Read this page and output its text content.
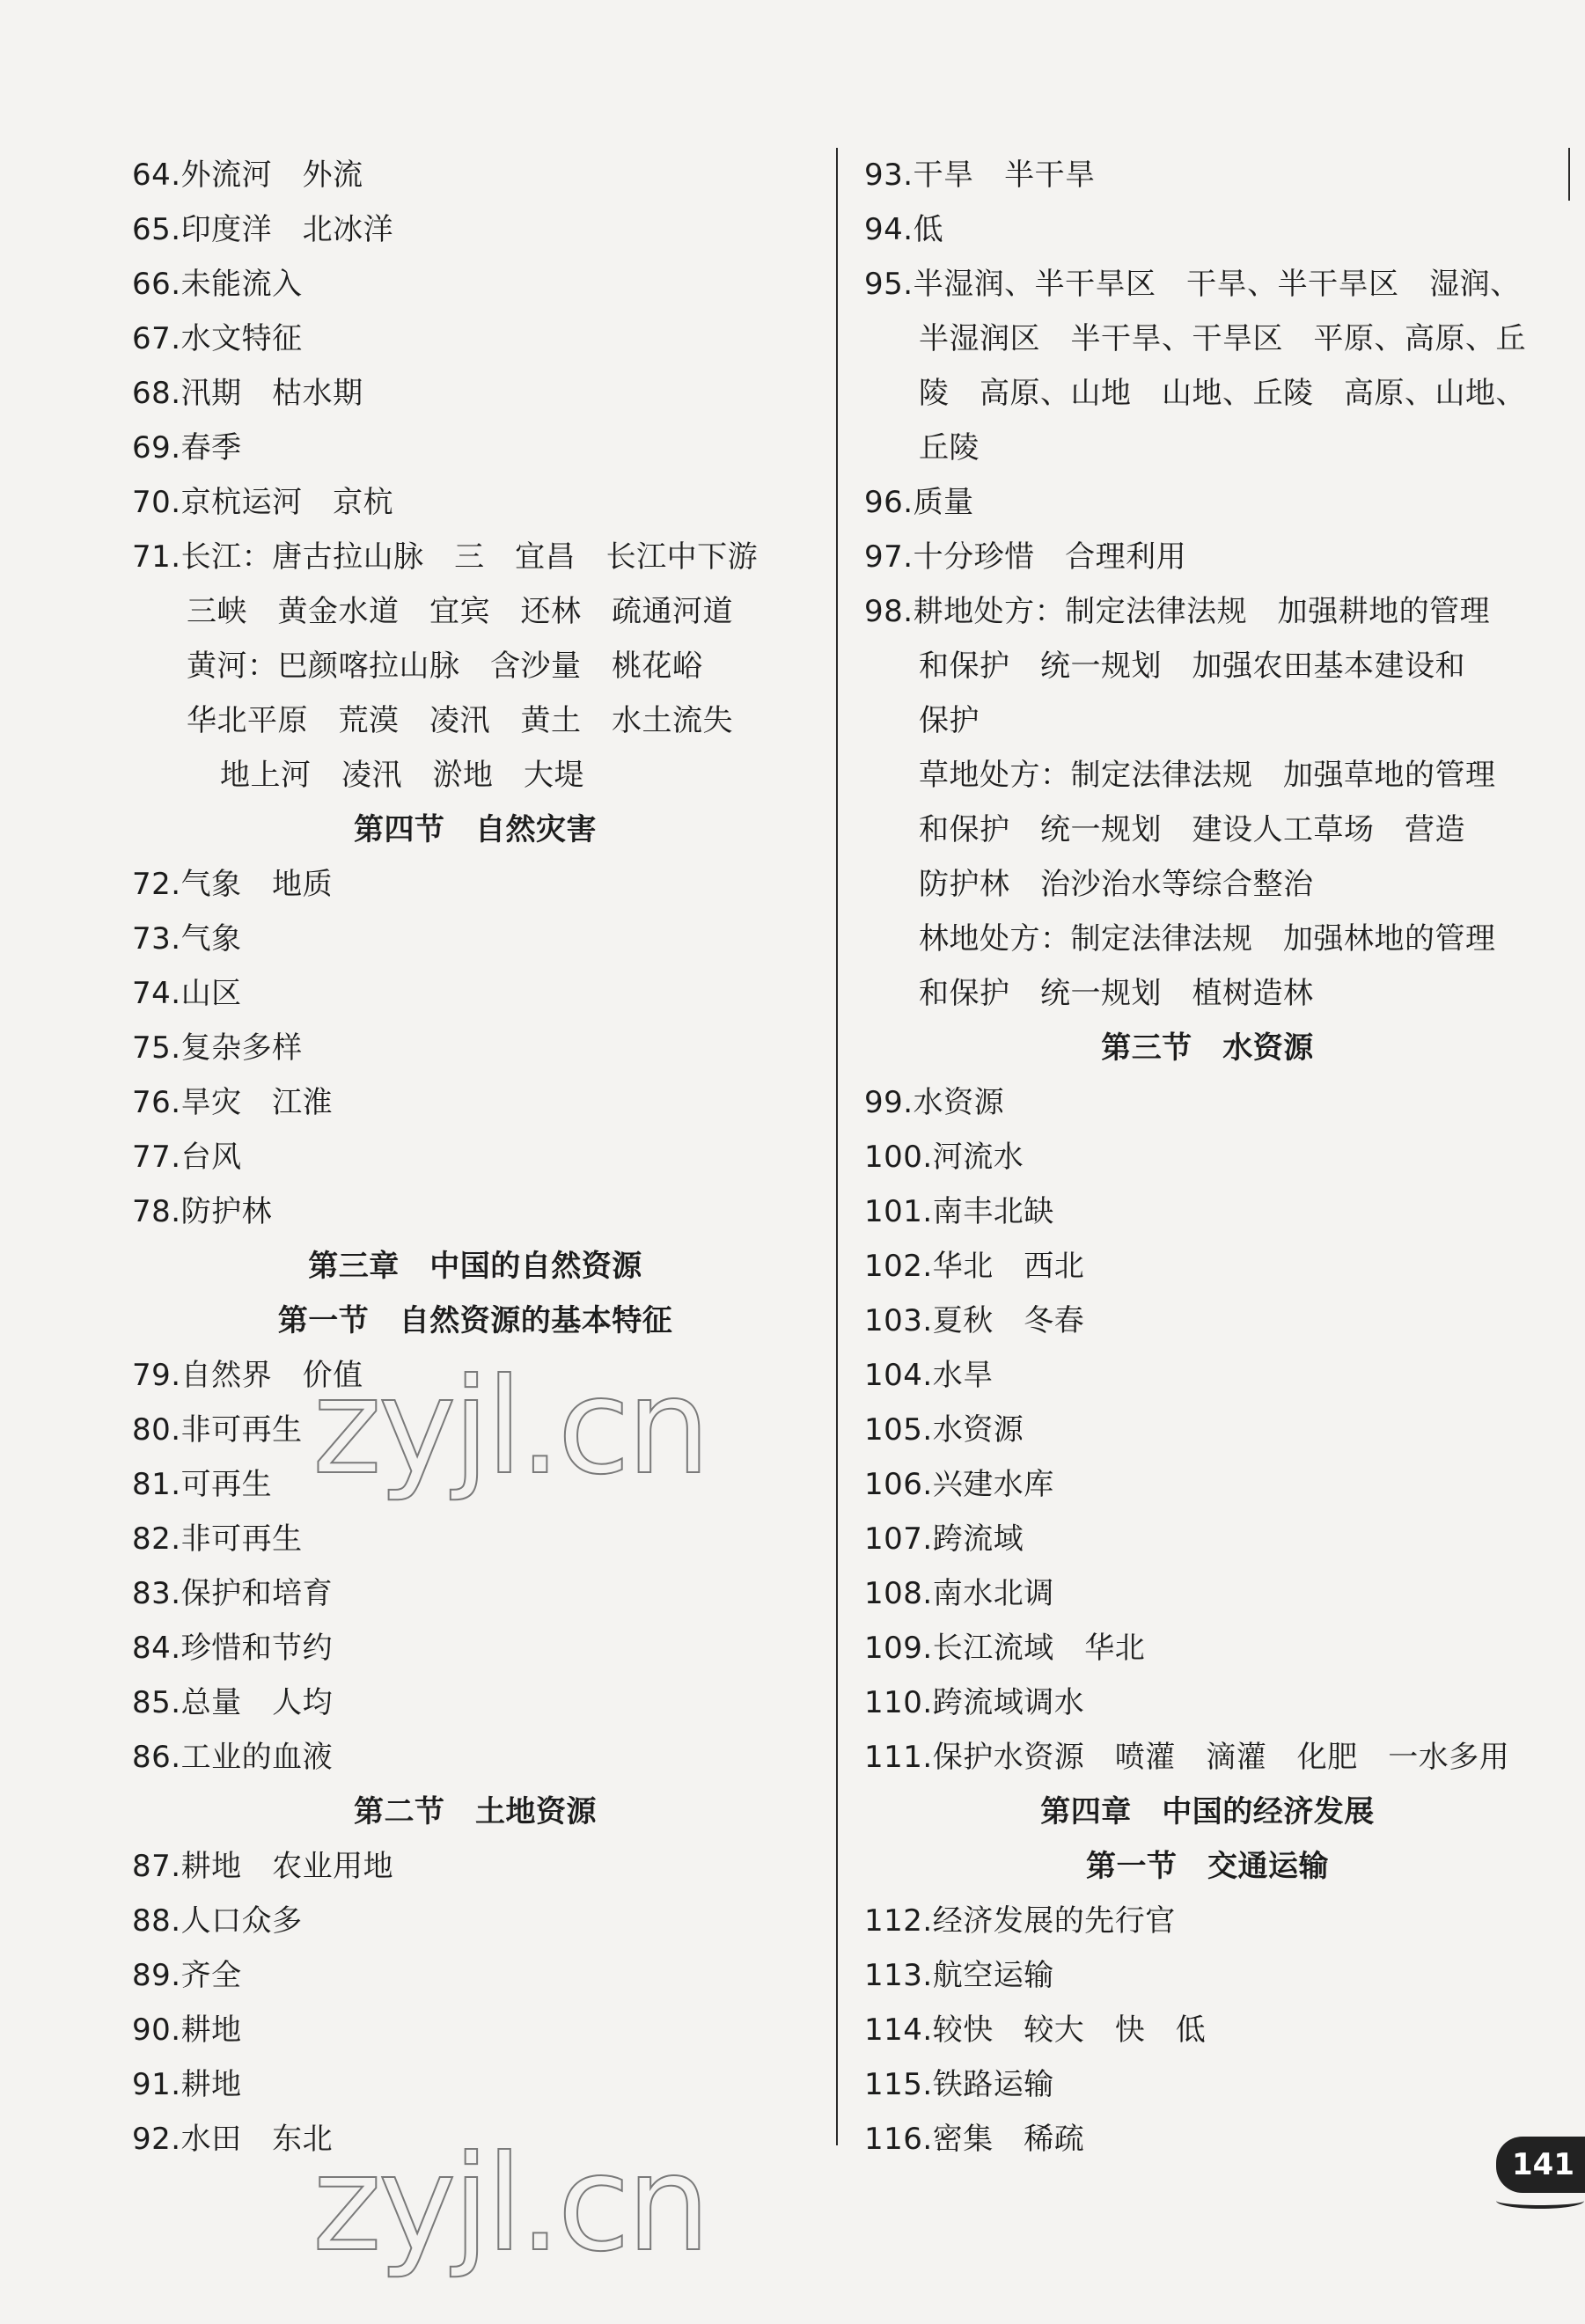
64.外流河　外流
65.印度洋　北冰洋
66.未能流入
67.水文特征
68.汛期　枯水期
69.春季
70.京杭运河　京杭
71.长江：唐古拉山脉　三　宜昌　长江中下游
三峡　黄金水道　宜宾　还林　疏通河道
黄河：巴颜喀拉山脉　含沙量　桃花峪
华北平原　荒漠　凌汛　黄土　水土流失
地上河　凌汛　淤地　大堤
第四节　自然灾害
72.气象　地质
73.气象
74.山区
75.复杂多样
76.旱灾　江淮
77.台风
78.防护林
第三章　中国的自然资源
第一节　自然资源的基本特征
79.自然界　价值
80.非可再生
81.可再生
82.非可再生
83.保护和培育
84.珍惜和节约
85.总量　人均
86.工业的血液
第二节　土地资源
87.耕地　农业用地
88.人口众多
89.齐全
90.耕地
91.耕地
92.水田　东北
93.干旱　半干旱
94.低
95.半湿润、半干旱区　干旱、半干旱区　湿润、
半湿润区　半干旱、干旱区　平原、高原、丘
陵　高原、山地　山地、丘陵　高原、山地、
丘陵
96.质量
97.十分珍惜　合理利用
98.耕地处方：制定法律法规　加强耕地的管理
和保护　统一规划　加强农田基本建设和
保护
草地处方：制定法律法规　加强草地的管理
和保护　统一规划　建设人工草场　营造
防护林　治沙治水等综合整治
林地处方：制定法律法规　加强林地的管理
和保护　统一规划　植树造林
第三节　水资源
99.水资源
100.河流水
101.南丰北缺
102.华北　西北
103.夏秋　冬春
104.水旱
105.水资源
106.兴建水库
107.跨流域
108.南水北调
109.长江流域　华北
110.跨流域调水
111.保护水资源　喷灌　滴灌　化肥　一水多用
第四章　中国的经济发展
第一节　交通运输
112.经济发展的先行官
113.航空运输
114.较快　较大　快　低
115.铁路运输
116.密集　稀疏
zyjl.cn
zyjl.cn	141
